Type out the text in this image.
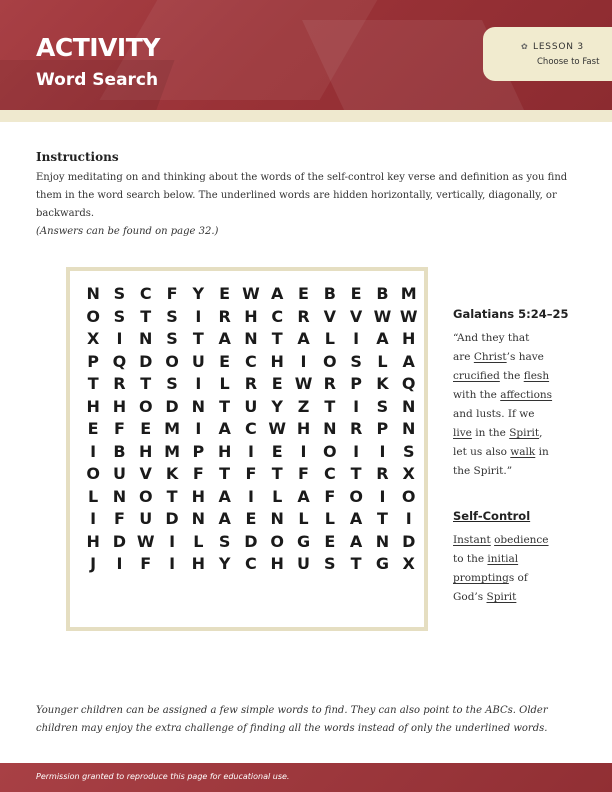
ACTIVITY
Word Search
✿ LESSON 3
Choose to Fast
Instructions

Enjoy meditating on and thinking about the words of the self-control key verse and definition as you find them in the word search below. The underlined words are hidden horizontally, vertically, diagonally, or backwards.
(Answers can be found on page 32.)

N S C F Y E W A E B E B M
O S T S	I	R H C R V V W W
X	I	N S T A N T A L	I	A H
P Q D O U E C H	I	O S L A
T R T S	I	L R E W R P K Q
H H O D N T U Y Z T	I	S N
E F E M I	A C W H N R P N
I	B H M P H	I	E	I	O	I	I	S
O U V K F T F T F C T R X
L N O T H A	I	L A F O	I	O
I	F U D N A E N L	L A T	I
H D W I	L S D O G E A N D
J	I	F	I	H Y C H U S T G X
Galatians 5:24–25

“And they that
are Christ’s have
crucified the flesh
with the affections
and lusts. If we
live in the Spirit,
let us also walk in
the Spirit.”

Self-Control

Instant obedience
to the initial
promptings of
God’s Spirit

Younger children can be assigned a few simple words to find. They can also point to the ABCs. Older children may enjoy the extra challenge of finding all the words instead of only the underlined words.

Permission granted to reproduce this page for educational use.
